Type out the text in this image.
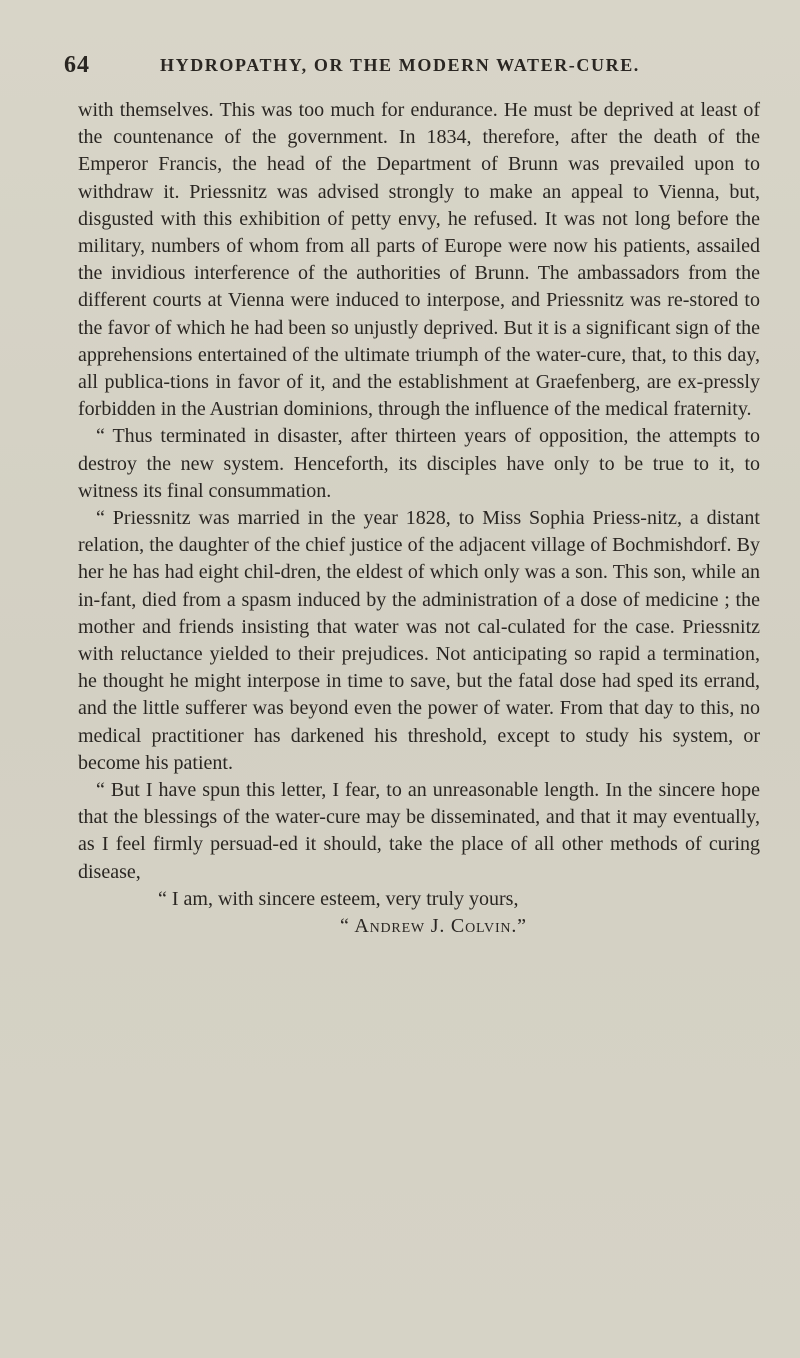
64	HYDROPATHY, OR THE MODERN WATER-CURE.

with themselves. This was too much for endurance. He must be deprived at least of the countenance of the government. In 1834, therefore, after the death of the Emperor Francis, the head of the Department of Brunn was prevailed upon to withdraw it. Priessnitz was advised strongly to make an appeal to Vienna, but, disgusted with this exhibition of petty envy, he refused. It was not long before the military, numbers of whom from all parts of Europe were now his patients, assailed the invidious interference of the authorities of Brunn. The ambassadors from the different courts at Vienna were induced to interpose, and Priessnitz was re-stored to the favor of which he had been so unjustly deprived. But it is a significant sign of the apprehensions entertained of the ultimate triumph of the water-cure, that, to this day, all publica-tions in favor of it, and the establishment at Graefenberg, are ex-pressly forbidden in the Austrian dominions, through the influence of the medical fraternity.

“ Thus terminated in disaster, after thirteen years of opposition, the attempts to destroy the new system. Henceforth, its disciples have only to be true to it, to witness its final consummation.

“ Priessnitz was married in the year 1828, to Miss Sophia Priess-nitz, a distant relation, the daughter of the chief justice of the adjacent village of Bochmishdorf. By her he has had eight chil-dren, the eldest of which only was a son. This son, while an in-fant, died from a spasm induced by the administration of a dose of medicine ; the mother and friends insisting that water was not cal-culated for the case. Priessnitz with reluctance yielded to their prejudices. Not anticipating so rapid a termination, he thought he might interpose in time to save, but the fatal dose had sped its errand, and the little sufferer was beyond even the power of water. From that day to this, no medical practitioner has darkened his threshold, except to study his system, or become his patient.

“ But I have spun this letter, I fear, to an unreasonable length. In the sincere hope that the blessings of the water-cure may be disseminated, and that it may eventually, as I feel firmly persuad-ed it should, take the place of all other methods of curing disease,

“ I am, with sincere esteem, very truly yours,

“ Andrew J. Colvin.”
